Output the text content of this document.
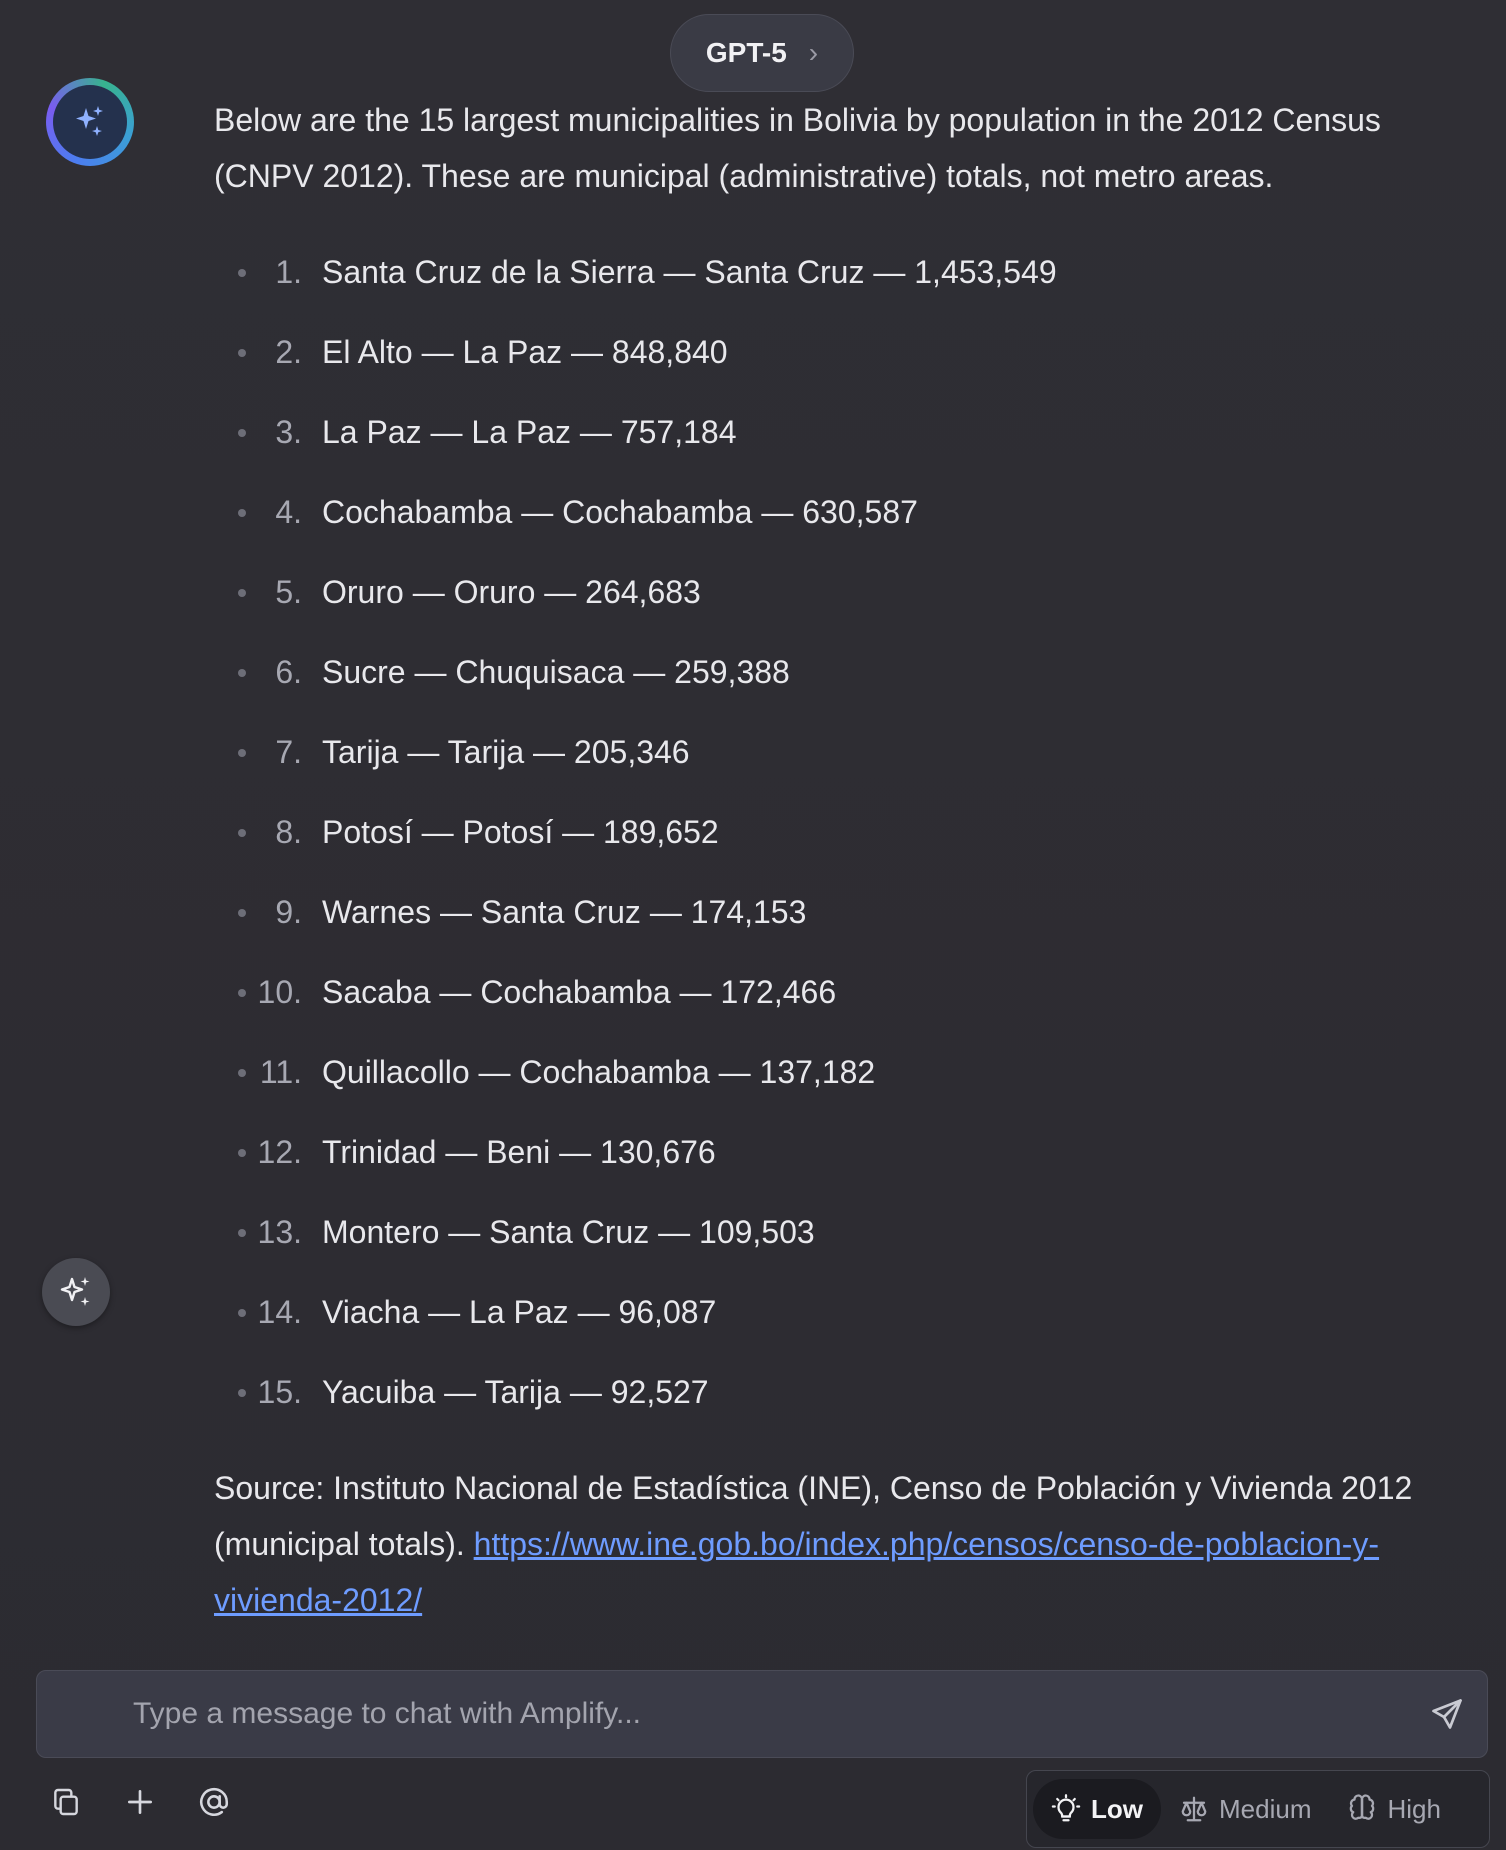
GPT-5 ›

Below are the 15 largest municipalities in Bolivia by population in the 2012 Census (CNPV 2012). These are municipal (administrative) totals, not metro areas.

1. Santa Cruz de la Sierra — Santa Cruz — 1,453,549
2. El Alto — La Paz — 848,840
3. La Paz — La Paz — 757,184
4. Cochabamba — Cochabamba — 630,587
5. Oruro — Oruro — 264,683
6. Sucre — Chuquisaca — 259,388
7. Tarija — Tarija — 205,346
8. Potosí — Potosí — 189,652
9. Warnes — Santa Cruz — 174,153
10. Sacaba — Cochabamba — 172,466
11. Quillacollo — Cochabamba — 137,182
12. Trinidad — Beni — 130,676
13. Montero — Santa Cruz — 109,503
14. Viacha — La Paz — 96,087
15. Yacuiba — Tarija — 92,527

Source: Instituto Nacional de Estadística (INE), Censo de Población y Vivienda 2012 (municipal totals). https://www.ine.gob.bo/index.php/censos/censo-de-poblacion-y-vivienda-2012/

Type a message to chat with Amplify...
Low	Medium	High
